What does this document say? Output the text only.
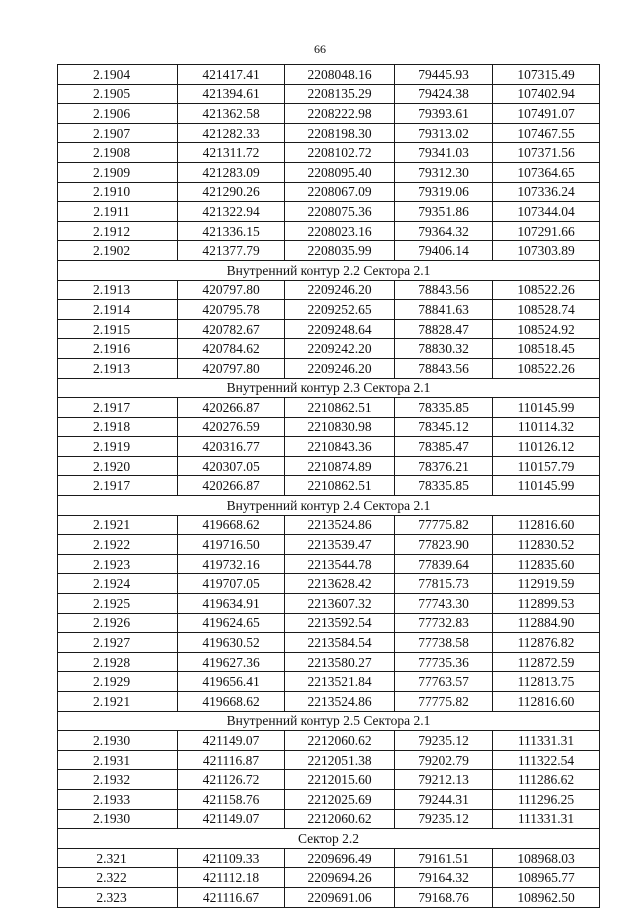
66
2.1904	421417.41	2208048.16	79445.93	107315.49
2.1905	421394.61	2208135.29	79424.38	107402.94
2.1906	421362.58	2208222.98	79393.61	107491.07
2.1907	421282.33	2208198.30	79313.02	107467.55
2.1908	421311.72	2208102.72	79341.03	107371.56
2.1909	421283.09	2208095.40	79312.30	107364.65
2.1910	421290.26	2208067.09	79319.06	107336.24
2.1911	421322.94	2208075.36	79351.86	107344.04
2.1912	421336.15	2208023.16	79364.32	107291.66
2.1902	421377.79	2208035.99	79406.14	107303.89
Внутренний контур 2.2 Сектора 2.1				
2.1913	420797.80	2209246.20	78843.56	108522.26
2.1914	420795.78	2209252.65	78841.63	108528.74
2.1915	420782.67	2209248.64	78828.47	108524.92
2.1916	420784.62	2209242.20	78830.32	108518.45
2.1913	420797.80	2209246.20	78843.56	108522.26
Внутренний контур 2.3 Сектора 2.1				
2.1917	420266.87	2210862.51	78335.85	110145.99
2.1918	420276.59	2210830.98	78345.12	110114.32
2.1919	420316.77	2210843.36	78385.47	110126.12
2.1920	420307.05	2210874.89	78376.21	110157.79
2.1917	420266.87	2210862.51	78335.85	110145.99
Внутренний контур 2.4 Сектора 2.1				
2.1921	419668.62	2213524.86	77775.82	112816.60
2.1922	419716.50	2213539.47	77823.90	112830.52
2.1923	419732.16	2213544.78	77839.64	112835.60
2.1924	419707.05	2213628.42	77815.73	112919.59
2.1925	419634.91	2213607.32	77743.30	112899.53
2.1926	419624.65	2213592.54	77732.83	112884.90
2.1927	419630.52	2213584.54	77738.58	112876.82
2.1928	419627.36	2213580.27	77735.36	112872.59
2.1929	419656.41	2213521.84	77763.57	112813.75
2.1921	419668.62	2213524.86	77775.82	112816.60
Внутренний контур 2.5 Сектора 2.1				
2.1930	421149.07	2212060.62	79235.12	111331.31
2.1931	421116.87	2212051.38	79202.79	111322.54
2.1932	421126.72	2212015.60	79212.13	111286.62
2.1933	421158.76	2212025.69	79244.31	111296.25
2.1930	421149.07	2212060.62	79235.12	111331.31
Сектор 2.2				
2.321	421109.33	2209696.49	79161.51	108968.03
2.322	421112.18	2209694.26	79164.32	108965.77
2.323	421116.67	2209691.06	79168.76	108962.50
